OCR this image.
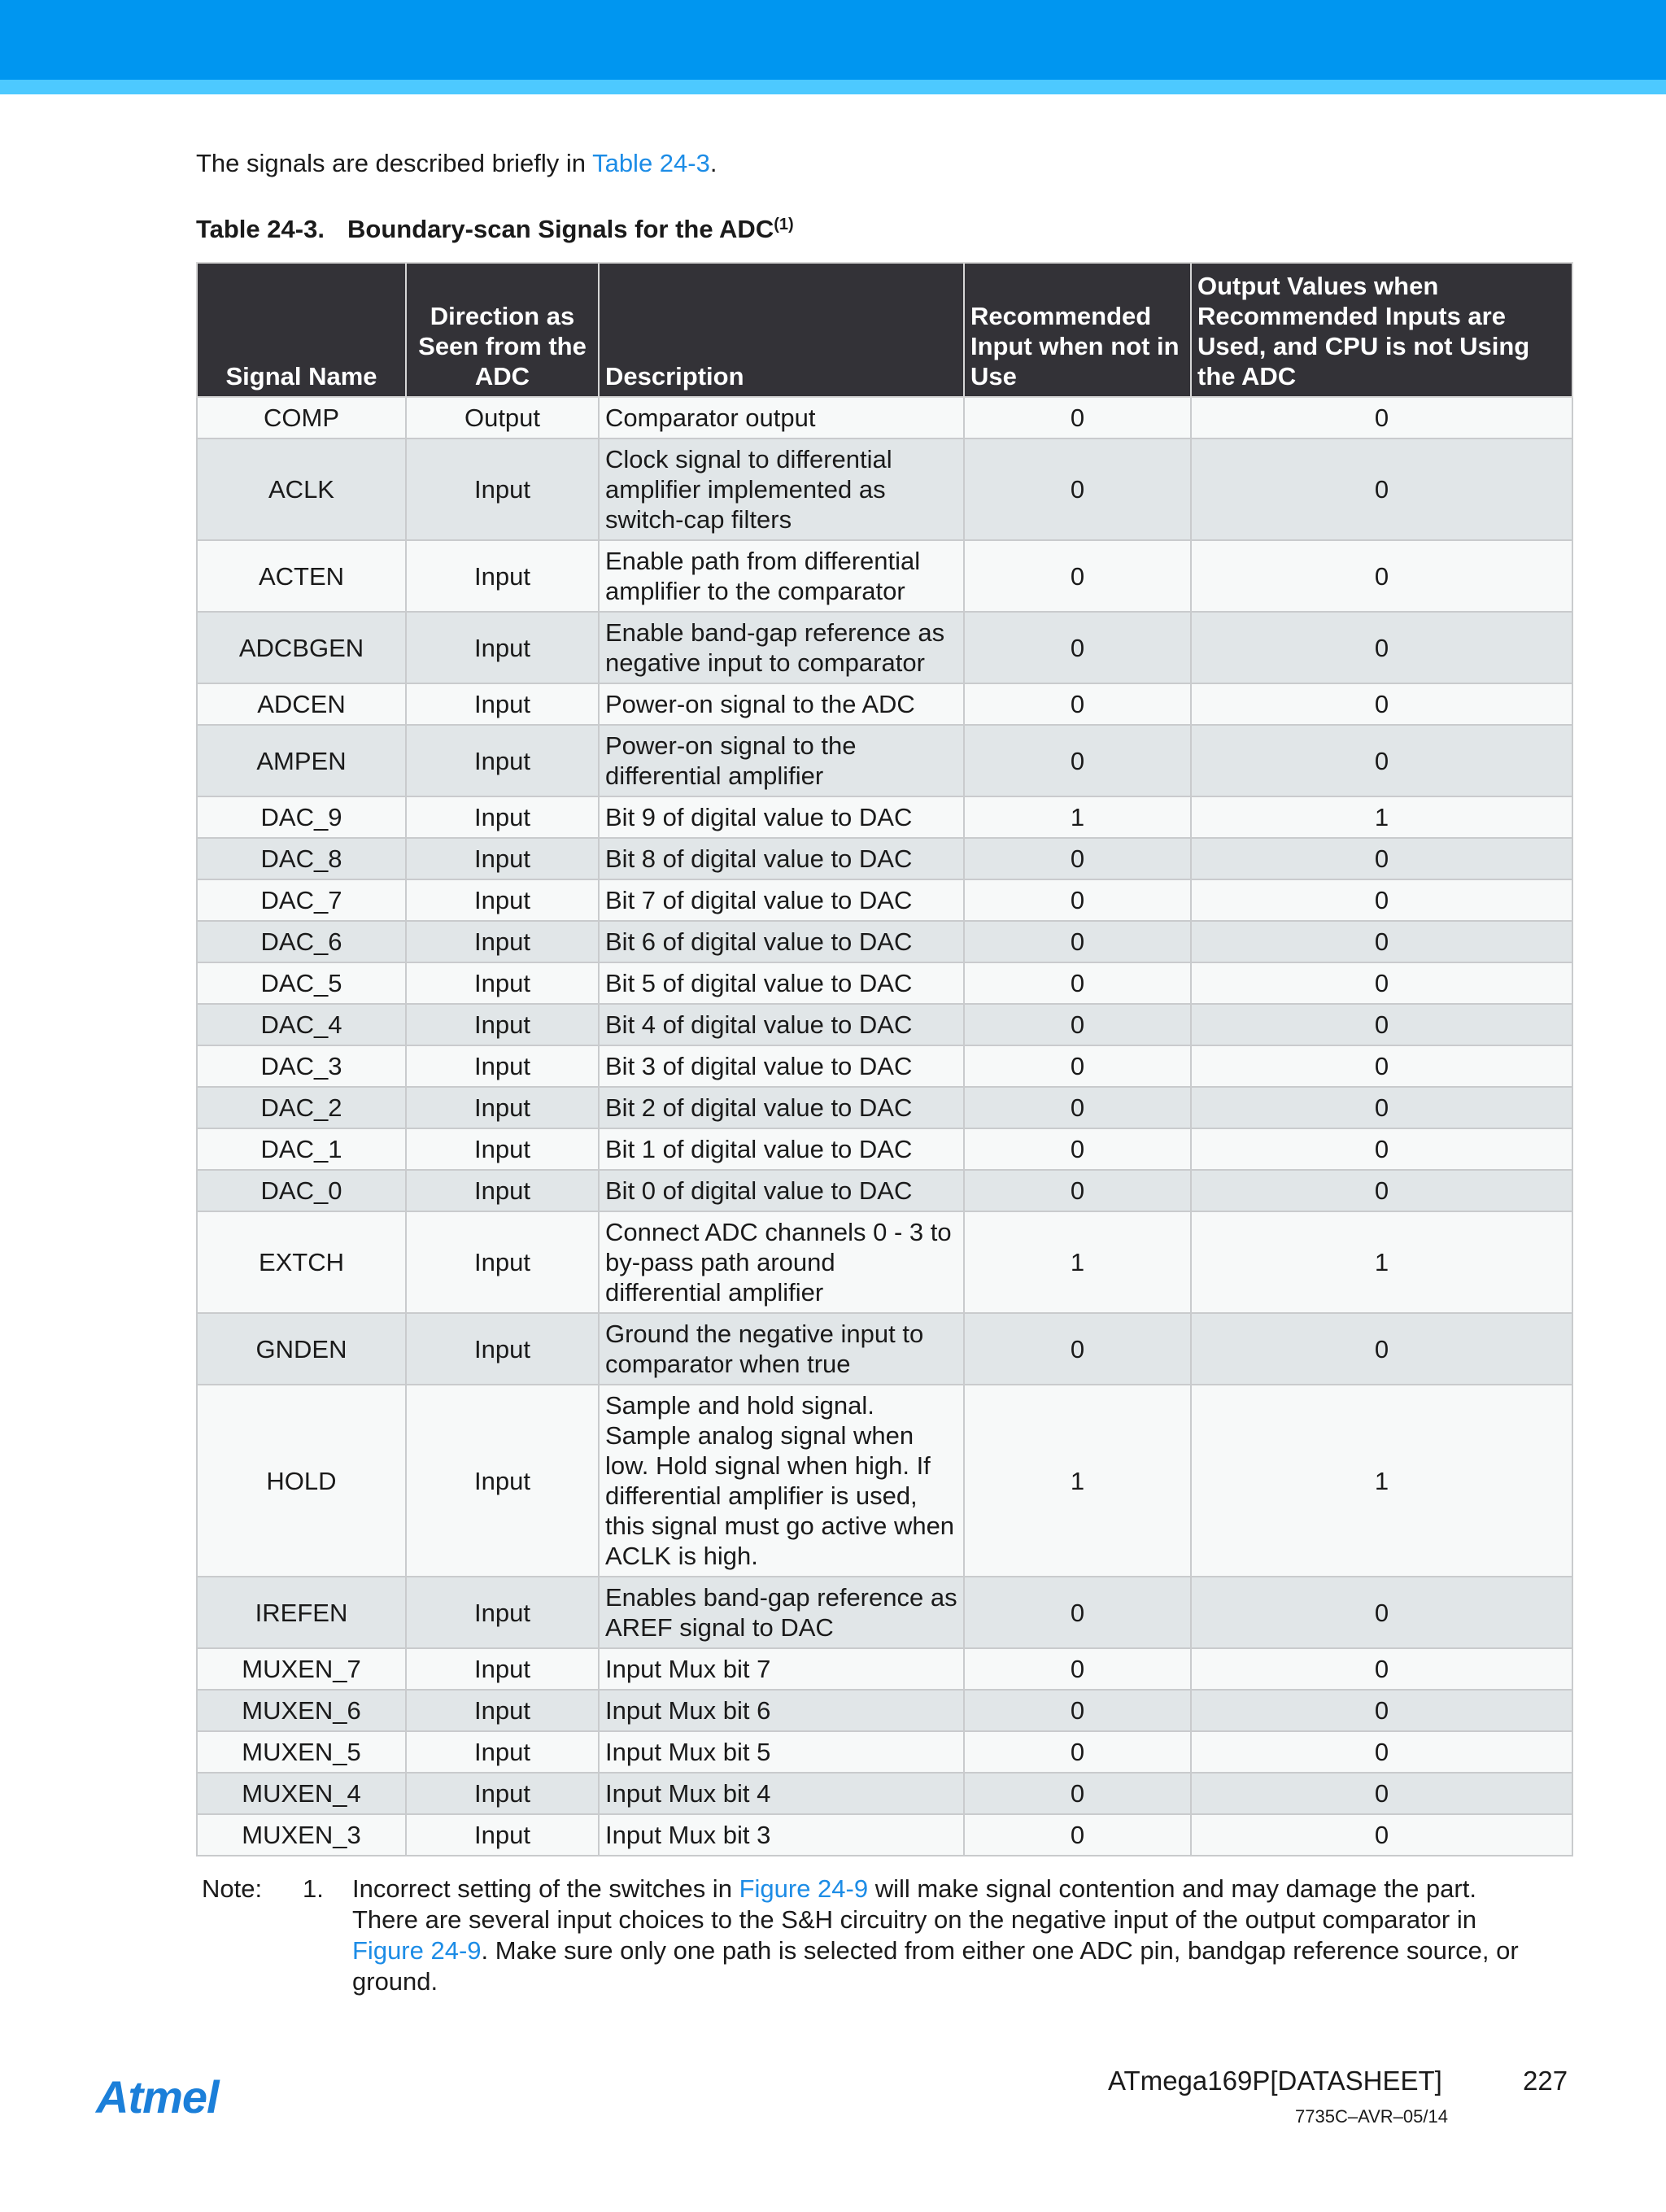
The signals are described briefly in Table 24-3.
Table 24-3. Boundary-scan Signals for the ADC$^{(1)}$
Signal Name	Direction as Seen from the ADC	Description	Recommended Input when not in Use	Output Values when Recommended Inputs are Used, and CPU is not Using the ADC
COMP	Output	Comparator output	0	0
ACLK	Input	Clock signal to differential amplifier implemented as switch-cap filters	0	0
ACTEN	Input	Enable path from differential amplifier to the comparator	0	0
ADCBGEN	Input	Enable band-gap reference as negative input to comparator	0	0
ADCEN	Input	Power-on signal to the ADC	0	0
AMPEN	Input	Power-on signal to the differential amplifier	0	0
DAC_9	Input	Bit 9 of digital value to DAC	1	1
DAC_8	Input	Bit 8 of digital value to DAC	0	0
DAC_7	Input	Bit 7 of digital value to DAC	0	0
DAC_6	Input	Bit 6 of digital value to DAC	0	0
DAC_5	Input	Bit 5 of digital value to DAC	0	0
DAC_4	Input	Bit 4 of digital value to DAC	0	0
DAC_3	Input	Bit 3 of digital value to DAC	0	0
DAC_2	Input	Bit 2 of digital value to DAC	0	0
DAC_1	Input	Bit 1 of digital value to DAC	0	0
DAC_0	Input	Bit 0 of digital value to DAC	0	0
EXTCH	Input	Connect ADC channels 0 - 3 to by-pass path around differential amplifier	1	1
GNDEN	Input	Ground the negative input to comparator when true	0	0
HOLD	Input	Sample and hold signal. Sample analog signal when low. Hold signal when high. If differential amplifier is used, this signal must go active when ACLK is high.	1	1
IREFEN	Input	Enables band-gap reference as AREF signal to DAC	0	0
MUXEN_7	Input	Input Mux bit 7	0	0
MUXEN_6	Input	Input Mux bit 6	0	0
MUXEN_5	Input	Input Mux bit 5	0	0
MUXEN_4	Input	Input Mux bit 4	0	0
MUXEN_3	Input	Input Mux bit 3	0	0
Note: 1. Incorrect setting of the switches in Figure 24-9 will make signal contention and may damage the part. There are several input choices to the S&H circuitry on the negative input of the output comparator in Figure 24-9. Make sure only one path is selected from either one ADC pin, bandgap reference source, or ground.
Atmel	ATmega169P[DATASHEET]	227
7735C–AVR–05/14
